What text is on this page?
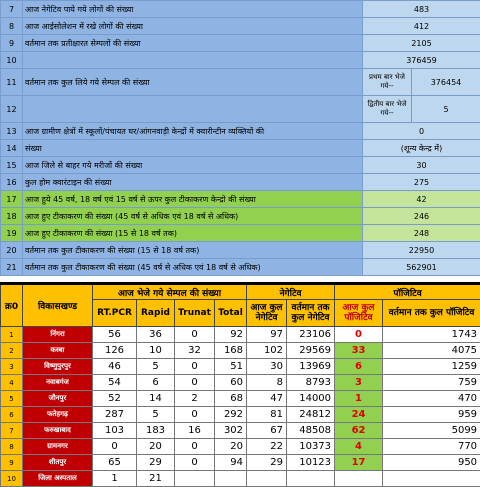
7	आज नेगेटिव पाये गये लोगों की संख्या	483
8	आज आईसोलेशन में रखे लोगों की संख्या	412
9	वर्तमान तक प्रतीक्षारत सेम्पलों की संख्या	2105
10		376459
11	वर्तमान तक कुल लिये गये सेम्पल की संख्या	प्रथम बार भेजे गये-- 376454

12		द्वितीय बार भेजे गये-- 5

13	आज ग्रामीण क्षेत्रों में स्कूलों/पंचायत घर/आंगनवाड़ी केन्द्रों में क्वारीन्टीन व्यक्तियों की	0
14	संख्या	(शून्य केन्द्र में)
15	आज जिले से बाहर गये मरीजों की संख्या	30
16	कुल होम क्वारंटाइन की संख्या	275
17	आज हुये 45 वर्ष, 18 वर्ष एवं 15 वर्ष से ऊपर कुल टीकाकरण केन्द्रो की संख्या	42
18	आज हुए टीकाकरण की संख्या (45 वर्ष से अधिक एवं 18 वर्ष से अधिक)	246
19	आज हुए टीकाकरण की संख्या (15 से 18 वर्ष तक)	248
20	वर्तमान तक कुल टीकाकरण की संख्या (15 से 18 वर्ष तक)	22950
21	वर्तमान तक कुल टीकाकरण की संख्या (45 वर्ष से अधिक एवं 18 वर्ष से अधिक)	562901
क्र0	विकासखण्ड	आज भेजे गये सेम्पल की संख्या				नेगेटिव		पॉजिटिव	
		RT.PCR	Rapid	Trunat	Total	आज कुल नेगेटिव	वर्तमान तक कुल नेगेटिव	आज कुल पॉजिटिव	वर्तमान तक कुल पॉजिटिव
1	निंगरा	56	36	0	92	97	23106	0	1743
2	कस्बा	126	10	32	168	102	29569	33	4075
3	विष्णुपुरपुर	46	5	0	51	30	13969	6	1259
4	नवाबगंज	54	6	0	60	8	8793	3	759
5	जौनपुर	52	14	2	68	47	14000	1	470
6	फतेहगढ़	287	5	0	292	81	24812	24	959
7	फरुखाबाद	103	183	16	302	67	48508	62	5099
8	ग्रामनगर	0	20	0	20	22	10373	4	770
9	शीतपुर	65	29	0	94	29	10123	17	950
10	जिला अस्पताल	1	21						
